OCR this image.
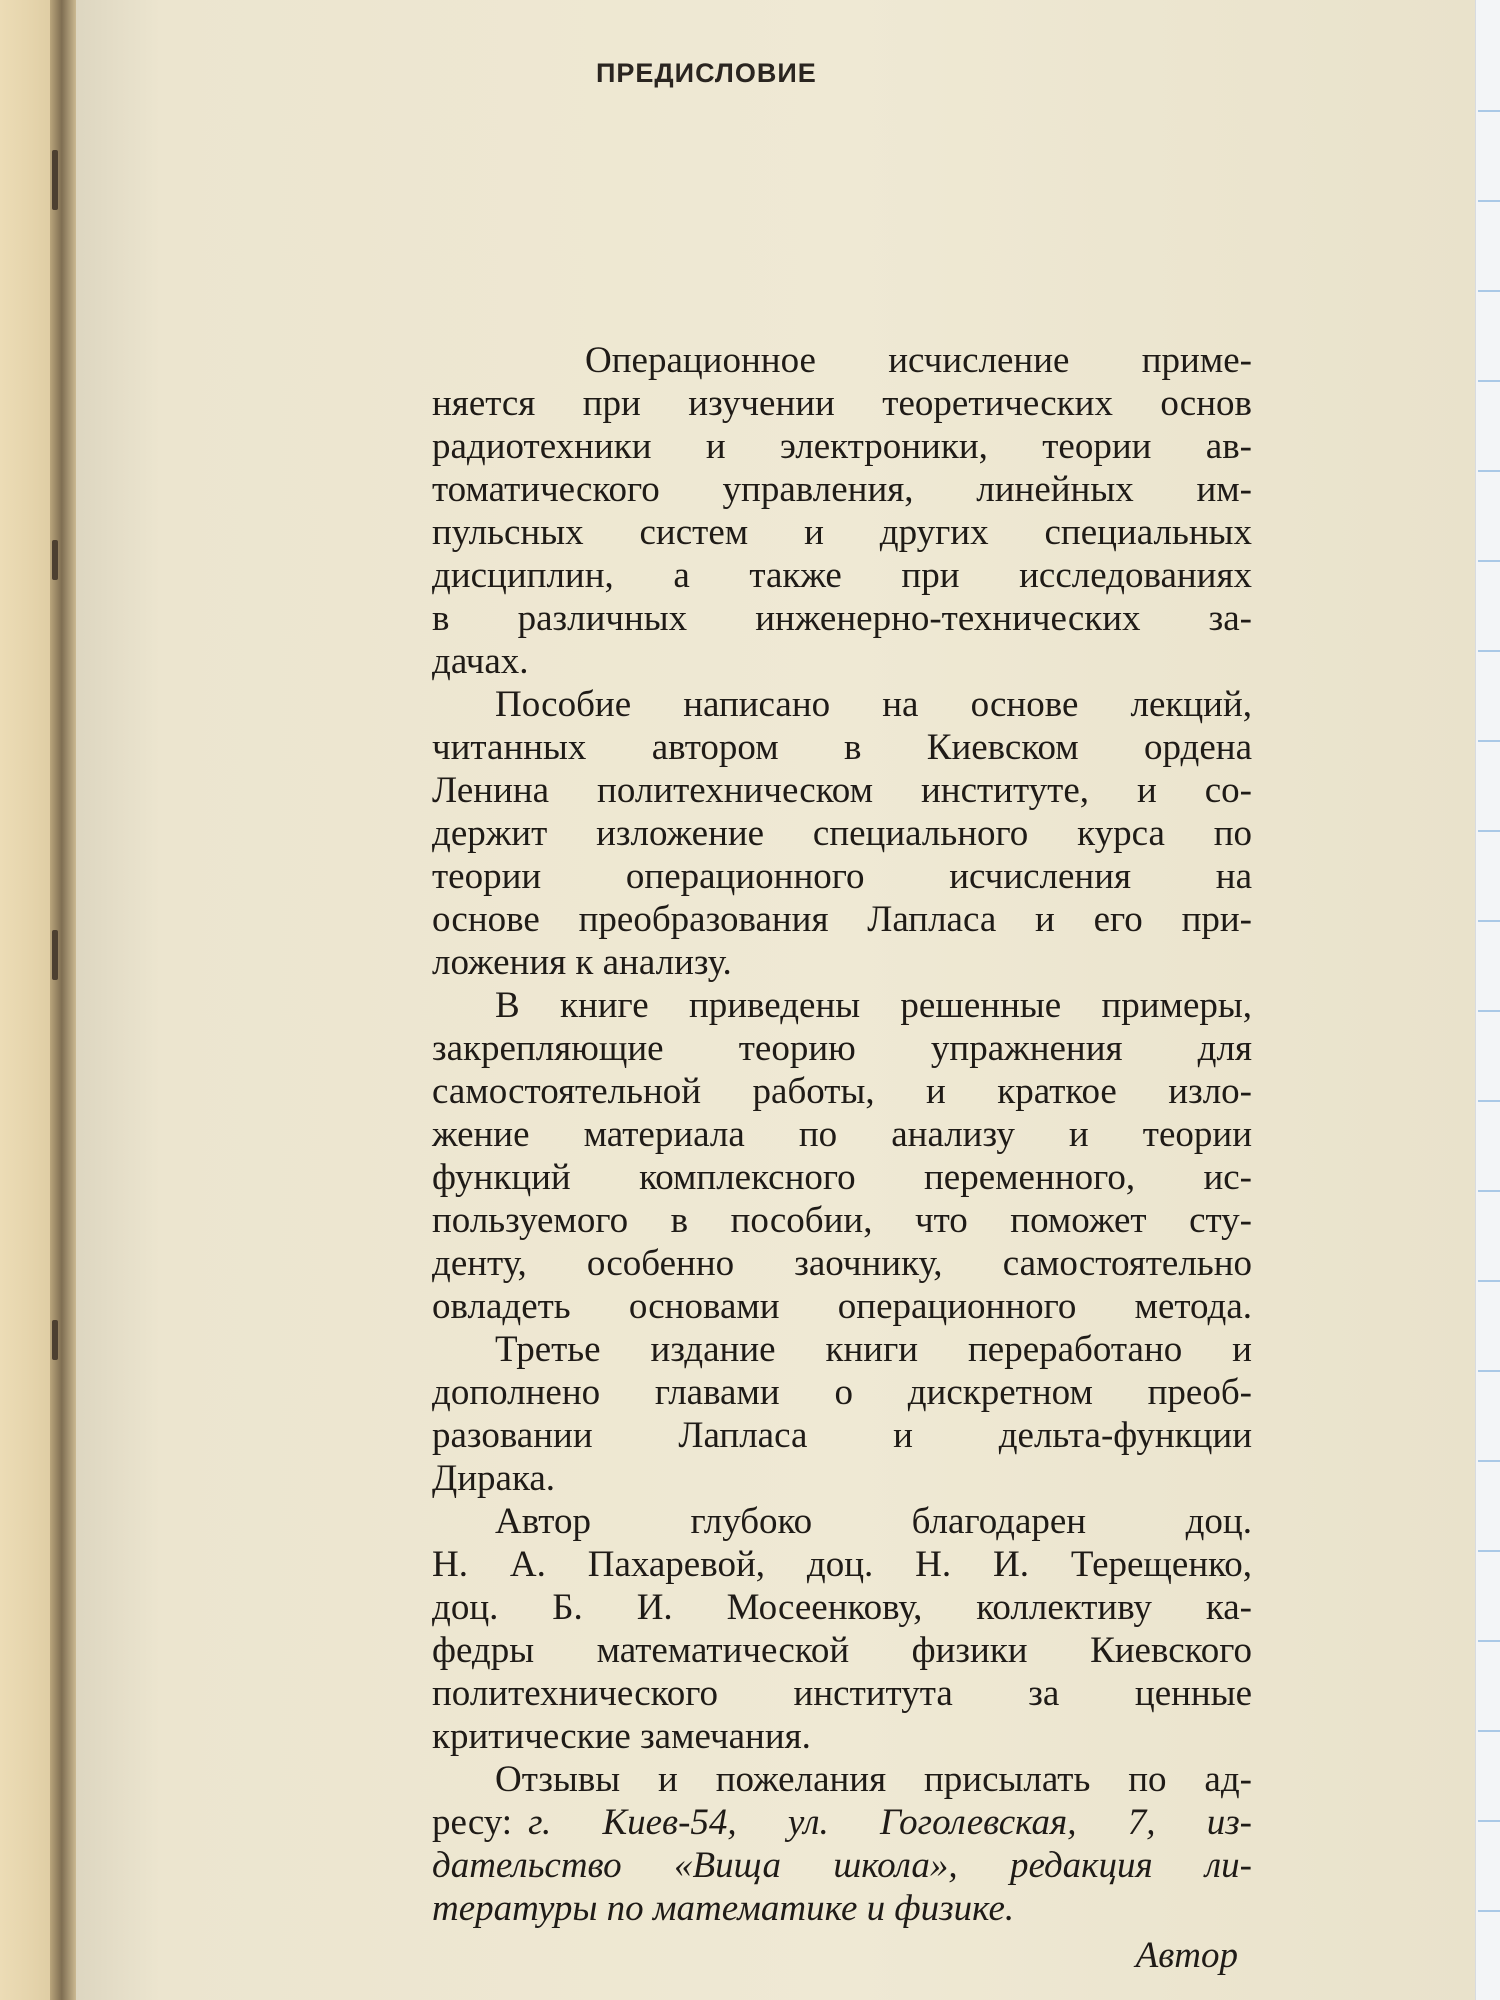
ПРЕДИСЛОВИЕ
Операционное исчисление приме-
няется при изучении теоретических основ
радиотехники и электроники, теории ав-
томатического управления, линейных им-
пульсных систем и других специальных
дисциплин, а также при исследованиях
в различных инженерно-технических за-
дачах.
Пособие написано на основе лекций,
читанных автором в Киевском ордена
Ленина политехническом институте, и со-
держит изложение специального курса по
теории операционного исчисления на
основе преобразования Лапласа и его при-
ложения к анализу.
В книге приведены решенные примеры,
закрепляющие теорию упражнения для
самостоятельной работы, и краткое изло-
жение материала по анализу и теории
функций комплексного переменного, ис-
пользуемого в пособии, что поможет сту-
денту, особенно заочнику, самостоятельно
овладеть основами операционного метода.
Третье издание книги переработано и
дополнено главами о дискретном преоб-
разовании Лапласа и дельта-функции
Дирака.
Автор глубоко благодарен доц.
Н. А. Пахаревой, доц. Н. И. Терещенко,
доц. Б. И. Мосеенкову, коллективу ка-
федры математической физики Киевского
политехнического института за ценные
критические замечания.
Отзывы и пожелания присылать по ад-
ресу: г. Киев-54, ул. Гоголевская, 7, из-
дательство «Вища школа», редакция ли-
тературы по математике и физике.
Автор
